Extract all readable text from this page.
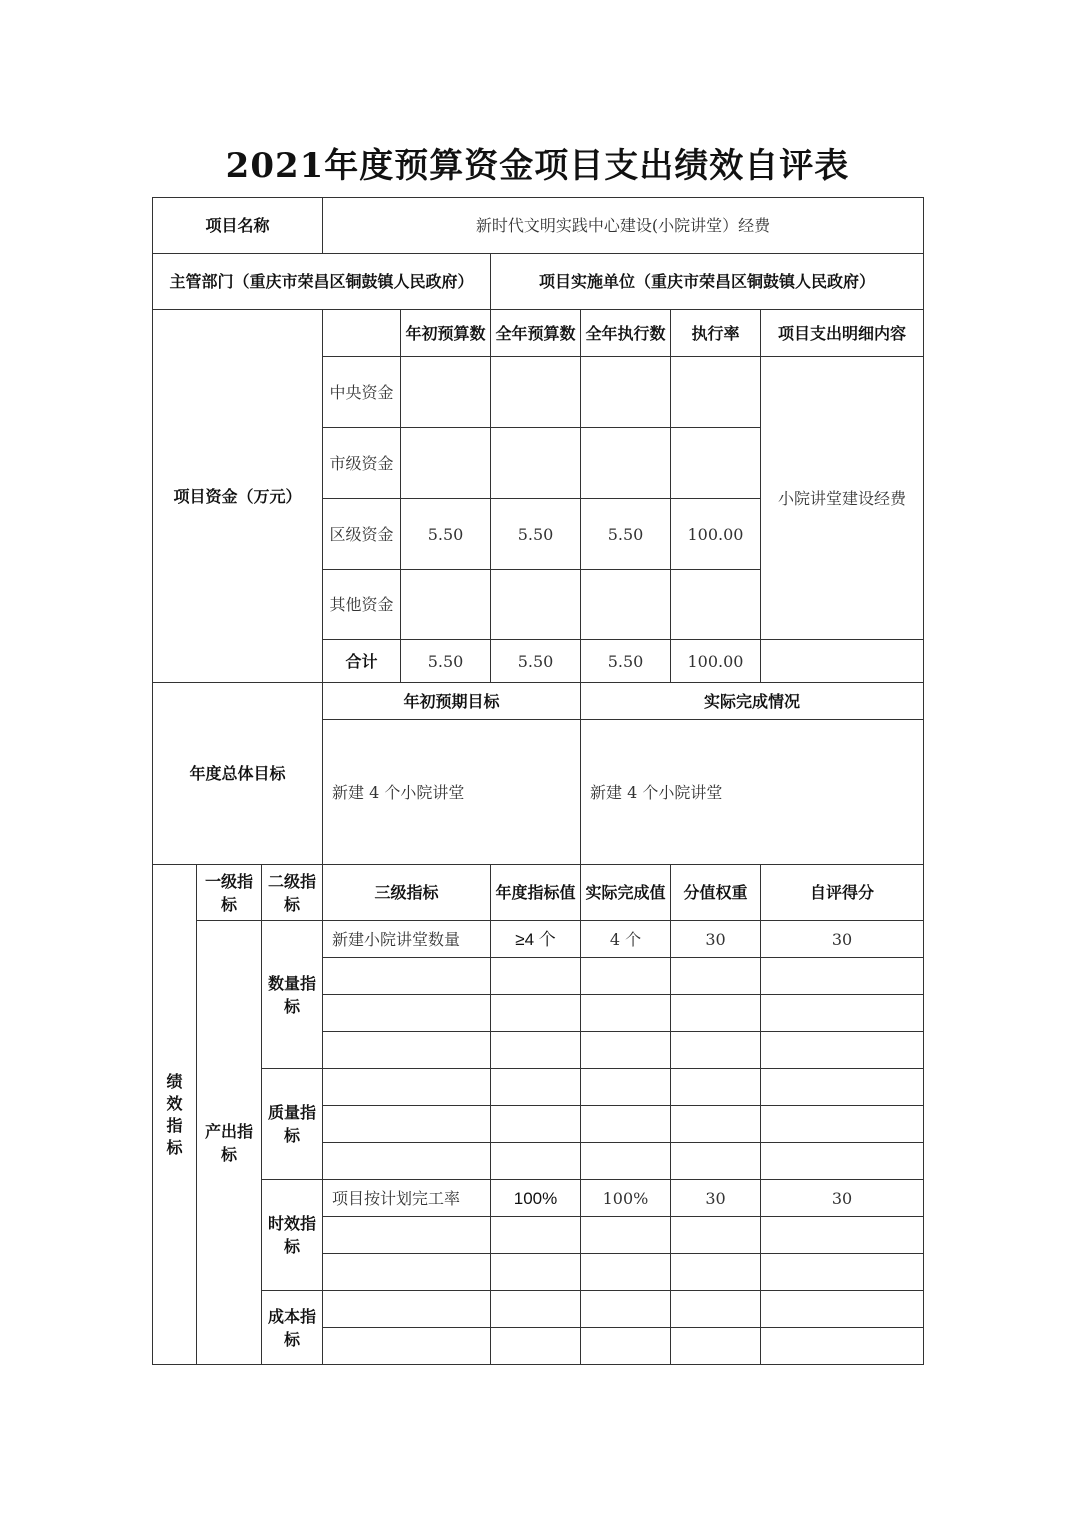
2021年度预算资金项目支出绩效自评表
项目名称			新时代文明实践中心建设(小院讲堂）经费					
主管部门（重庆市荣昌区铜鼓镇人民政府）					项目实施单位（重庆市荣昌区铜鼓镇人民政府）			
项目资金（万元）				年初预算数	全年预算数	全年执行数	执行率	项目支出明细内容
			中央资金					小院讲堂建设经费
			市级资金					
			区级资金	5.50	5.50	5.50	100.00	
			其他资金					
			合计	5.50	5.50	5.50	100.00	
年度总体目标			年初预期目标			实际完成情况		
			新建 4 个小院讲堂			新建 4 个小院讲堂		
绩效指标	一级指标	二级指标	三级指标		年度指标值	实际完成值	分值权重	自评得分
	产出指标	数量指标	新建小院讲堂数量		≥4 个	4 个	30	30

		质量指标						

		时效指标	项目按计划完工率		100%	100%	30	30

		成本指标						
